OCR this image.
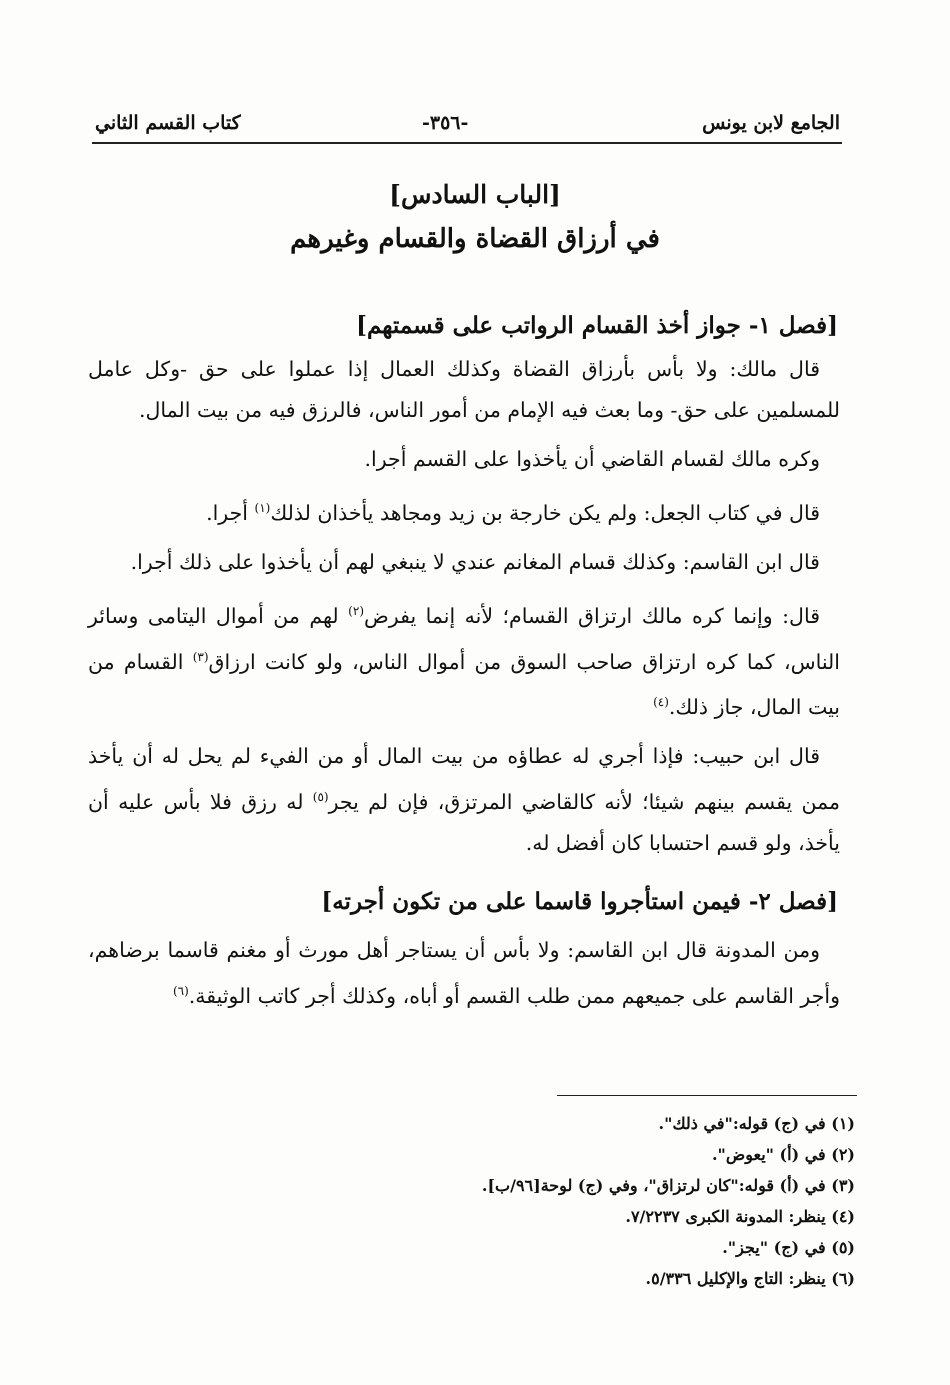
الجامع لابن يونس
-٣٥٦-
كتاب القسم الثاني
[الباب السادس]
في أرزاق القضاة والقسام وغيرهم
[فصل ١- جواز أخذ القسام الرواتب على قسمتهم]

قال مالك: ولا بأس بأرزاق القضاة وكذلك العمال إذا عملوا على حق -وكل عامل للمسلمين على حق- وما بعث فيه الإمام من أمور الناس، فالرزق فيه من بيت المال.

وكره مالك لقسام القاضي أن يأخذوا على القسم أجرا.

قال في كتاب الجعل: ولم يكن خارجة بن زيد ومجاهد يأخذان لذلك$^{(١)}$ أجرا.

قال ابن القاسم: وكذلك قسام المغانم عندي لا ينبغي لهم أن يأخذوا على ذلك أجرا.

قال: وإنما كره مالك ارتزاق القسام؛ لأنه إنما يفرض$^{(٢)}$ لهم من أموال اليتامى وسائر الناس، كما كره ارتزاق صاحب السوق من أموال الناس، ولو كانت ارزاق$^{(٣)}$ القسام من بيت المال، جاز ذلك.$^{(٤)}$

قال ابن حبيب: فإذا أجري له عطاؤه من بيت المال أو من الفيء لم يحل له أن يأخذ ممن يقسم بينهم شيئا؛ لأنه كالقاضي المرتزق، فإن لم يجر$^{(٥)}$ له رزق فلا بأس عليه أن يأخذ، ولو قسم احتسابا كان أفضل له.

[فصل ٢- فيمن استأجروا قاسما على من تكون أجرته]

ومن المدونة قال ابن القاسم: ولا بأس أن يستاجر أهل مورث أو مغنم قاسما برضاهم، وأجر القاسم على جميعهم ممن طلب القسم أو أباه، وكذلك أجر كاتب الوثيقة.$^{(٦)}$

(١) في (ج) قوله:"في ذلك".
(٢) في (أ) "يعوض".
(٣) في (أ) قوله:"كان لرتزاق"، وفي (ج) لوحة[٩٦/ب].
(٤) ينظر: المدونة الكبرى ٧/٢٢٣٧.
(٥) في (ج) "يجز".
(٦) ينظر: التاج والإكليل ٥/٣٣٦.
